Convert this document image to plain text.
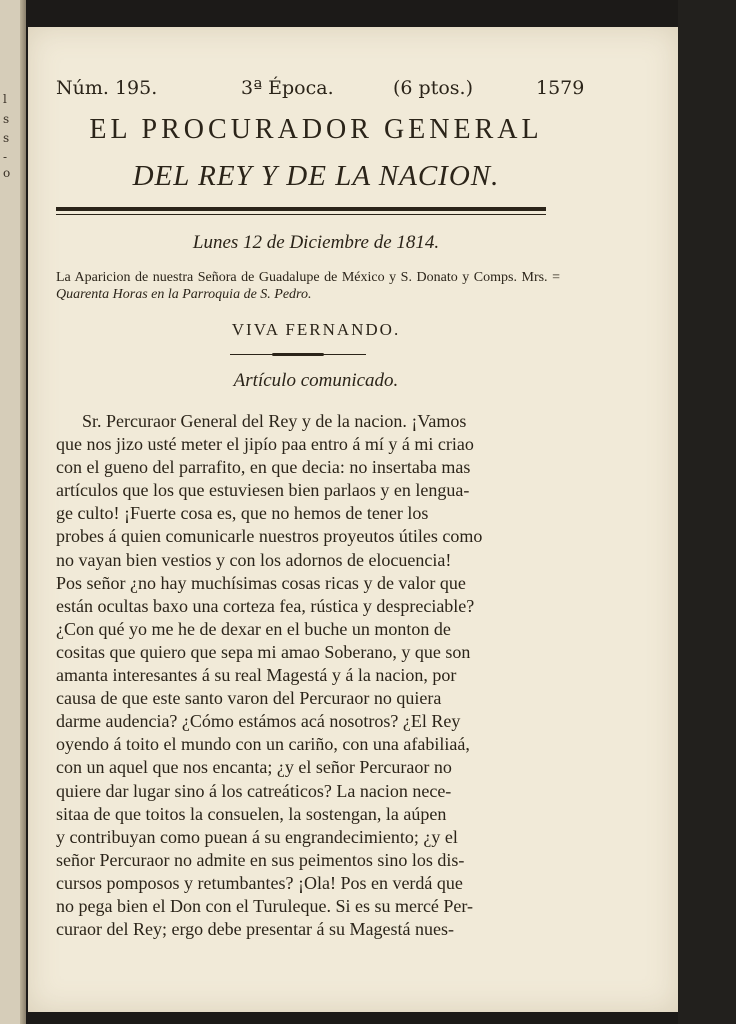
l
s
s
-
o
Núm. 195.	3ª Época.	(6 ptos.)	1579
EL PROCURADOR GENERAL
DEL REY Y DE LA NACION.
Lunes 12 de Diciembre de 1814.
La Aparicion de nuestra Señora de Guadalupe de México y S. Donato y Comps. Mrs. = Quarenta Horas en la Parroquia de S. Pedro.
VIVA FERNANDO.
Artículo comunicado.
Sr. Percuraor General del Rey y de la nacion. ¡Vamos
que nos jizo usté meter el jipío paa entro á mí y á mi criao
con el gueno del parrafito, en que decia: no insertaba mas
artículos que los que estuviesen bien parlaos y en lengua-
ge culto! ¡Fuerte cosa es, que no hemos de tener los
probes á quien comunicarle nuestros proyeutos útiles como
no vayan bien vestios y con los adornos de elocuencia!
Pos señor ¿no hay muchísimas cosas ricas y de valor que
están ocultas baxo una corteza fea, rústica y despreciable?
¿Con qué yo me he de dexar en el buche un monton de
cositas que quiero que sepa mi amao Soberano, y que son
amanta interesantes á su real Magestá y á la nacion, por
causa de que este santo varon del Percuraor no quiera
darme audencia? ¿Cómo estámos acá nosotros? ¿El Rey
oyendo á toito el mundo con un cariño, con una afabiliaá,
con un aquel que nos encanta; ¿y el señor Percuraor no
quiere dar lugar sino á los catreáticos? La nacion nece-
sitaa de que toitos la consuelen, la sostengan, la aúpen
y contribuyan como puean á su engrandecimiento; ¿y el
señor Percuraor no admite en sus peimentos sino los dis-
cursos pomposos y retumbantes? ¡Ola! Pos en verdá que
no pega bien el Don con el Turuleque. Si es su mercé Per-
curaor del Rey; ergo debe presentar á su Magestá nues-
